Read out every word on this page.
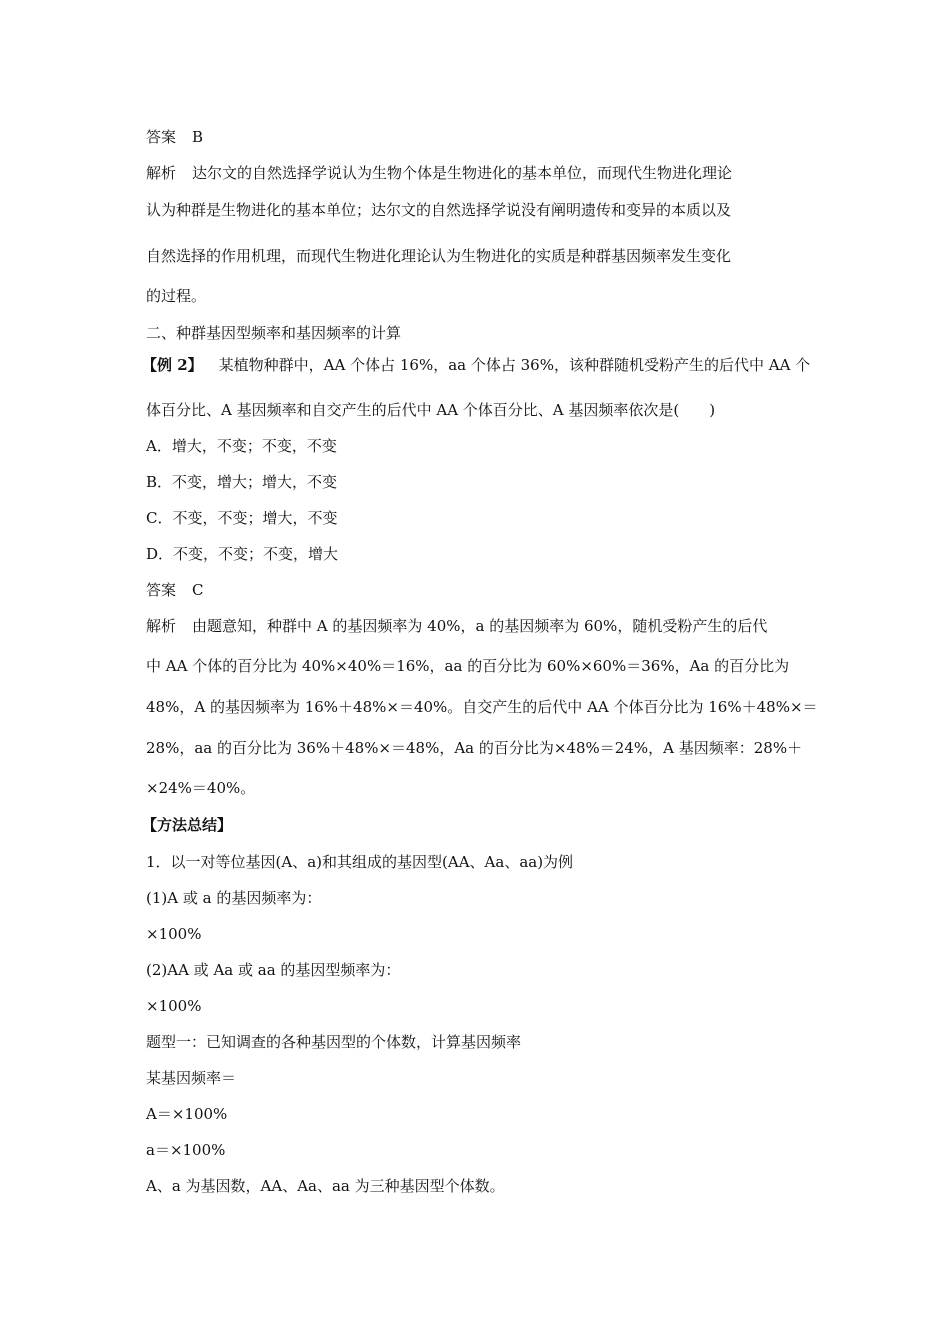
答案 B
解析 达尔文的自然选择学说认为生物个体是生物进化的基本单位，而现代生物进化理论
认为种群是生物进化的基本单位；达尔文的自然选择学说没有阐明遗传和变异的本质以及
自然选择的作用机理，而现代生物进化理论认为生物进化的实质是种群基因频率发生变化
的过程。
二、种群基因型频率和基因频率的计算
【例 2】 某植物种群中，AA 个体占 16%，aa 个体占 36%，该种群随机受粉产生的后代中 AA 个
体百分比、A 基因频率和自交产生的后代中 AA 个体百分比、A 基因频率依次是(　　)
A．增大，不变；不变，不变
B．不变，增大；增大，不变
C．不变，不变；增大，不变
D．不变，不变；不变，增大
答案 C
解析 由题意知，种群中 A 的基因频率为 40%，a 的基因频率为 60%，随机受粉产生的后代
中 AA 个体的百分比为 40%×40%＝16%，aa 的百分比为 60%×60%＝36%，Aa 的百分比为
48%，A 的基因频率为 16%＋48%×＝40%。自交产生的后代中 AA 个体百分比为 16%＋48%×＝
28%，aa 的百分比为 36%＋48%×＝48%，Aa 的百分比为×48%＝24%，A 基因频率：28%＋
×24%＝40%。
【方法总结】
1．以一对等位基因(A、a)和其组成的基因型(AA、Aa、aa)为例
(1)A 或 a 的基因频率为：
×100%
(2)AA 或 Aa 或 aa 的基因型频率为：
×100%
题型一：已知调查的各种基因型的个体数，计算基因频率
某基因频率＝
A＝×100%
a＝×100%
A、a 为基因数，AA、Aa、aa 为三种基因型个体数。
